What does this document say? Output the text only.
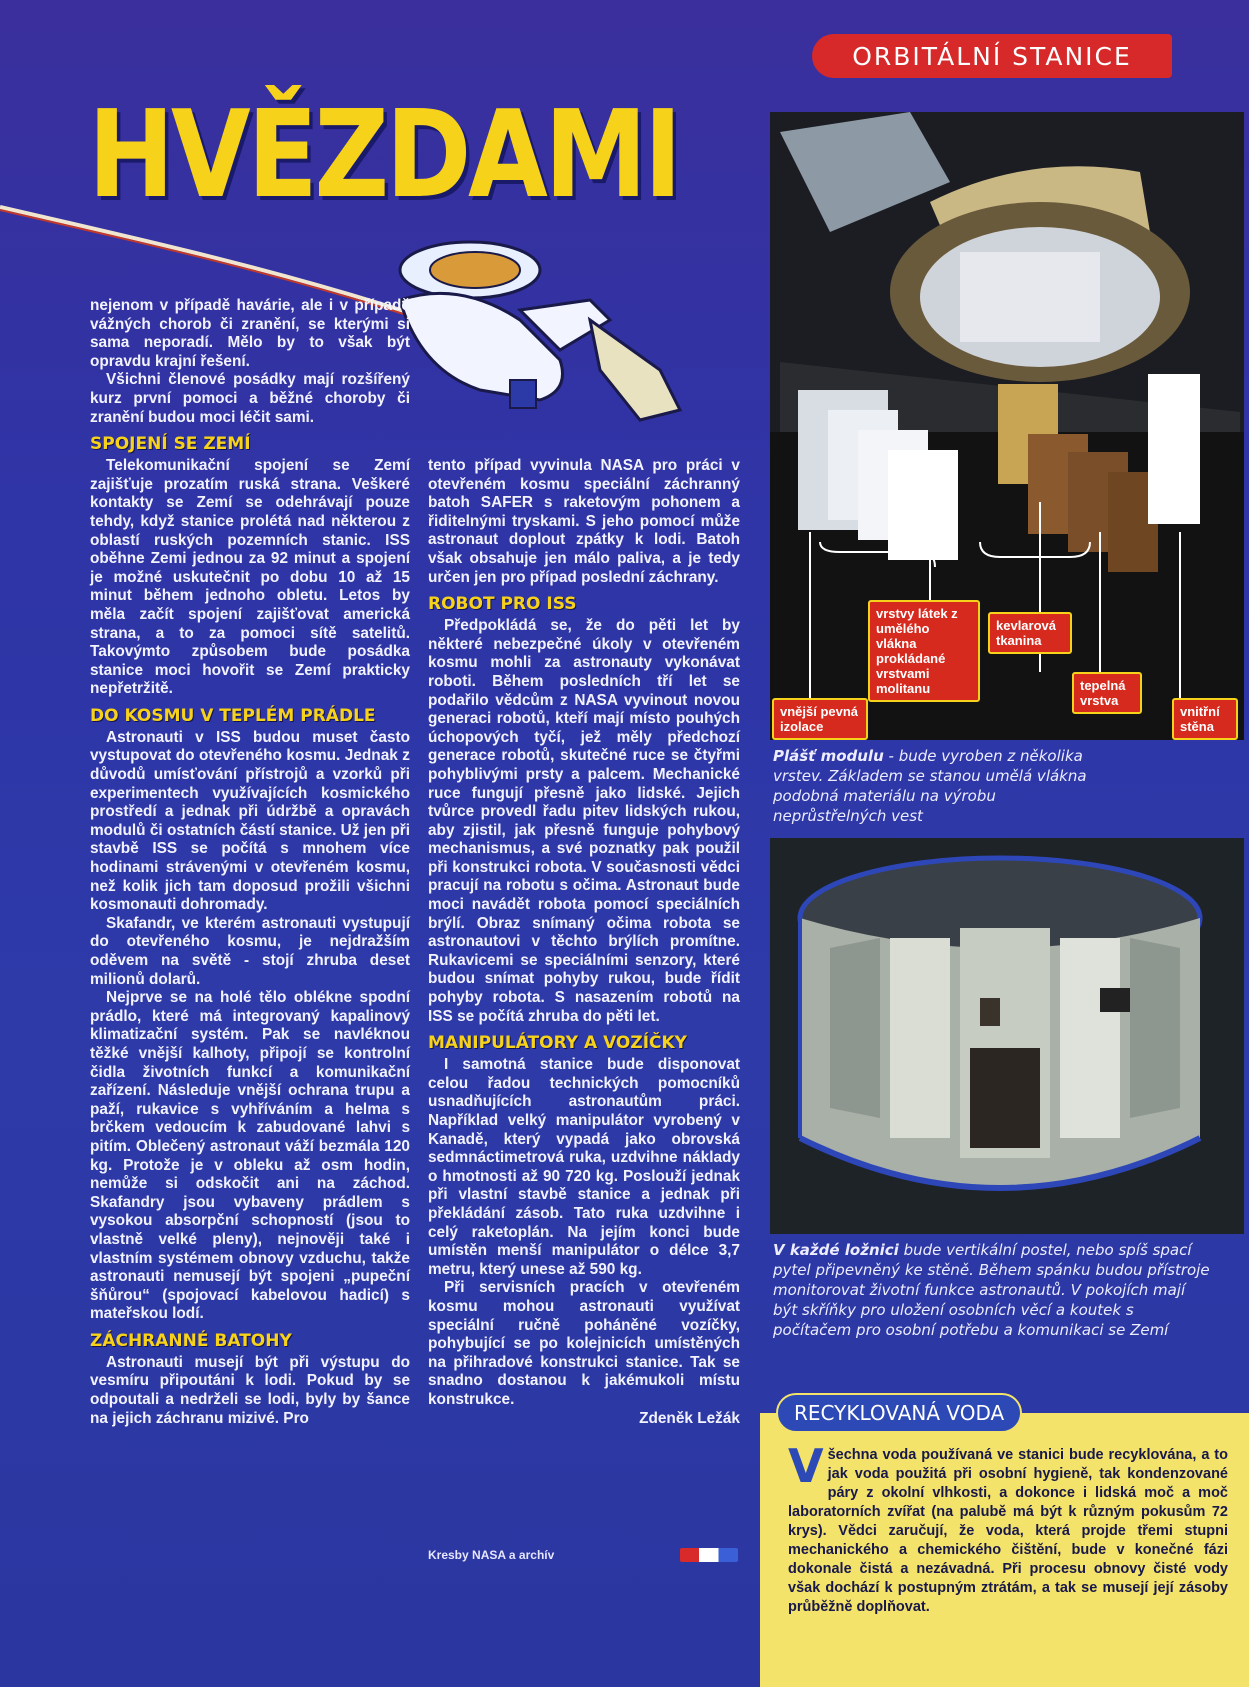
ORBITÁLNÍ STANICE
HVĚZDAMI

nejenom v případě havárie, ale i v případě vážných chorob či zranění, se kterými si sama neporadí. Mělo by to však být opravdu krajní řešení.

Všichni členové posádky mají rozšířený kurz první pomoci a běžné choroby či zranění budou moci léčit sami.

SPOJENÍ SE ZEMÍ

Telekomunikační spojení se Zemí zajišťuje prozatím ruská strana. Veškeré kontakty se Zemí se odehrávají pouze tehdy, když stanice prolétá nad některou z oblastí ruských pozemních stanic. ISS oběhne Zemi jednou za 92 minut a spojení je možné uskutečnit po dobu 10 až 15 minut během jednoho obletu. Letos by měla začít spojení zajišťovat americká strana, a to za pomoci sítě satelitů. Takovýmto způsobem bude posádka stanice moci hovořit se Zemí prakticky nepřetržitě.

DO KOSMU V TEPLÉM PRÁDLE

Astronauti v ISS budou muset často vystupovat do otevřeného kosmu. Jednak z důvodů umísťování přístrojů a vzorků při experimentech využívajících kosmického prostředí a jednak při údržbě a opravách modulů či ostatních částí stanice. Už jen při stavbě ISS se počítá s mnohem více hodinami strávenými v otevřeném kosmu, než kolik jich tam doposud prožili všichni kosmonauti dohromady.

Skafandr, ve kterém astronauti vystupují do otevřeného kosmu, je nejdražším oděvem na světě - stojí zhruba deset milionů dolarů.

Nejprve se na holé tělo oblékne spodní prádlo, které má integrovaný kapalinový klimatizační systém. Pak se navléknou těžké vnější kalhoty, připojí se kontrolní čidla životních funkcí a komunikační zařízení. Následuje vnější ochrana trupu a paží, rukavice s vyhříváním a helma s brčkem vedoucím k zabudované lahvi s pitím. Oblečený astronaut váží bezmála 120 kg. Protože je v obleku až osm hodin, nemůže si odskočit ani na záchod. Skafandry jsou vybaveny prádlem s vysokou absorpční schopností (jsou to vlastně velké pleny), nejnověji také i vlastním systémem obnovy vzduchu, takže astronauti nemusejí být spojeni „pupeční šňůrou“ (spojovací kabelovou hadicí) s mateřskou lodí.

ZÁCHRANNÉ BATOHY

Astronauti musejí být při výstupu do vesmíru připoutáni k lodi. Pokud by se odpoutali a nedrželi se lodi, byly by šance na jejich záchranu mizivé. Pro

tento případ vyvinula NASA pro práci v otevřeném kosmu speciální záchranný batoh SAFER s raketovým pohonem a řiditelnými tryskami. S jeho pomocí může astronaut doplout zpátky k lodi. Batoh však obsahuje jen málo paliva, a je tedy určen jen pro případ poslední záchrany.

ROBOT PRO ISS

Předpokládá se, že do pěti let by některé nebezpečné úkoly v otevřeném kosmu mohli za astronauty vykonávat roboti. Během posledních tří let se podařilo vědcům z NASA vyvinout novou generaci robotů, kteří mají místo pouhých úchopových tyčí, jež měly předchozí generace robotů, skutečné ruce se čtyřmi pohyblivými prsty a palcem. Mechanické ruce fungují přesně jako lidské. Jejich tvůrce provedl řadu pitev lidských rukou, aby zjistil, jak přesně funguje pohybový mechanismus, a své poznatky pak použil při konstrukci robota. V současnosti vědci pracují na robotu s očima. Astronaut bude moci navádět robota pomocí speciálních brýlí. Obraz snímaný očima robota se astronautovi v těchto brýlích promítne. Rukavicemi se speciálními senzory, které budou snímat pohyby rukou, bude řídit pohyby robota. S nasazením robotů na ISS se počítá zhruba do pěti let.

MANIPULÁTORY A VOZÍČKY

I samotná stanice bude disponovat celou řadou technických pomocníků usnadňujících astronautům práci. Například velký manipulátor vyrobený v Kanadě, který vypadá jako obrovská sedmnáctimetrová ruka, uzdvihne náklady o hmotnosti až 90 720 kg. Poslouží jednak při vlastní stavbě stanice a jednak při překládání zásob. Tato ruka uzdvihne i celý raketoplán. Na jejím konci bude umístěn menší manipulátor o délce 3,7 metru, který unese až 590 kg.

Při servisních pracích v otevřeném kosmu mohou astronauti využívat speciální ručně poháněné vozíčky, pohybující se po kolejnicích umístěných na přihradové konstrukci stanice. Tak se snadno dostanou k jakémukoli místu konstrukce.

Zdeněk Ležák
Kresby NASA a archív
vrstvy látek z umělého vlákna prokládané vrstvami molitanu
kevlarová tkanina
tepelná vrstva
vnější pevná izolace
vnitřní stěna
Plášť modulu - bude vyroben z několika vrstev. Základem se stanou umělá vlákna podobná materiálu na výrobu neprůstřelných vest
V každé ložnici bude vertikální postel, nebo spíš spací pytel připevněný ke stěně. Během spánku budou přístroje monitorovat životní funkce astronautů. V pokojích mají být skříňky pro uložení osobních věcí a koutek s počítačem pro osobní potřebu a komunikaci se Zemí
RECYKLOVANÁ VODA
Všechna voda používaná ve stanici bude recyklována, a to jak voda použitá při osobní hygieně, tak kondenzované páry z okolní vlhkosti, a dokonce i lidská moč a moč laboratorních zvířat (na palubě má být k různým pokusům 72 krys). Vědci zaručují, že voda, která projde třemi stupni mechanického a chemického čištění, bude v konečné fázi dokonale čistá a nezávadná. Při procesu obnovy čisté vody však dochází k postupným ztrátám, a tak se musejí její zásoby průběžně doplňovat.
